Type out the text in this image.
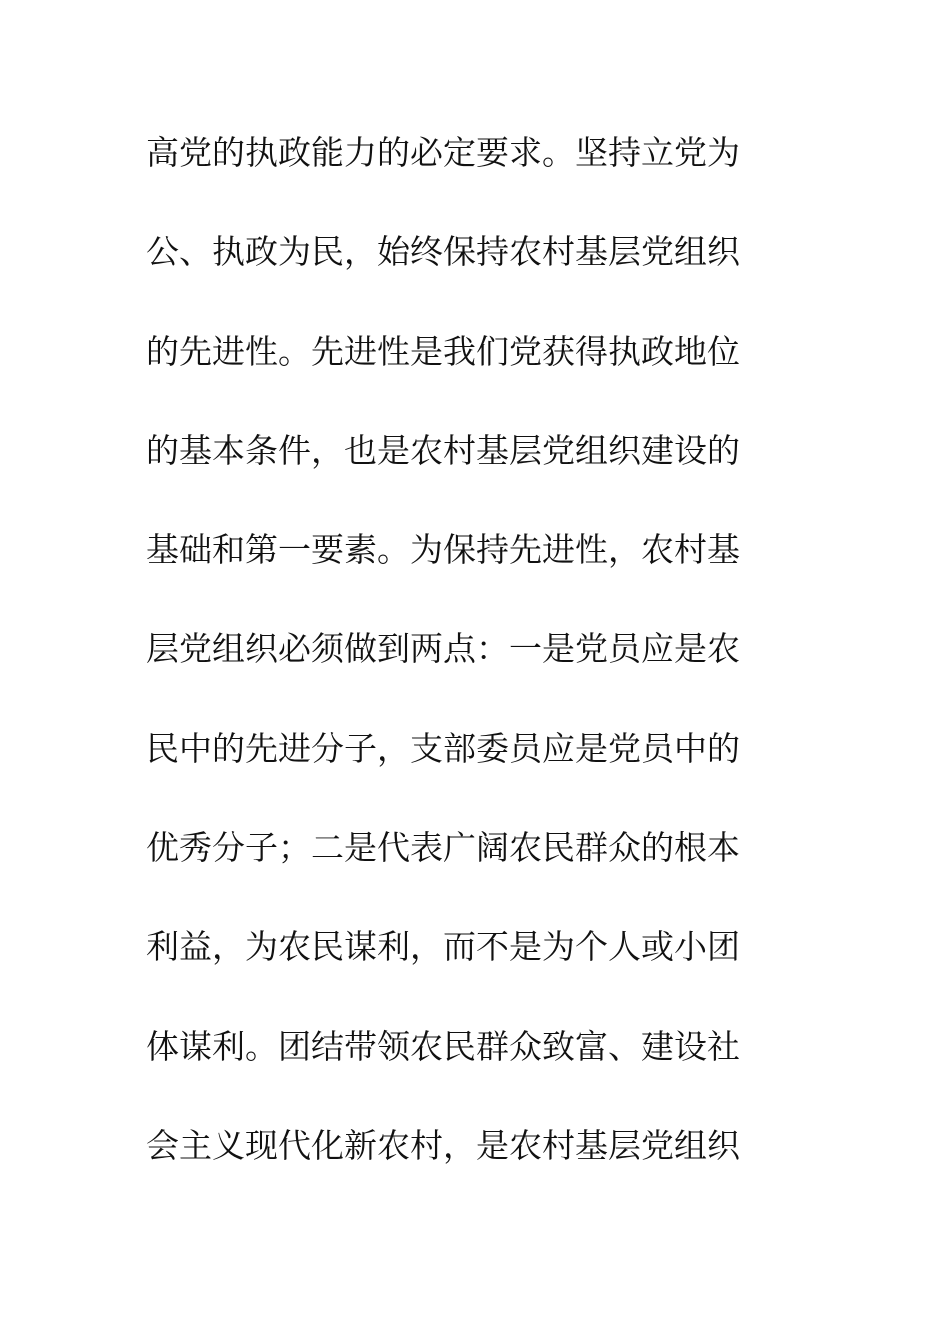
高党的执政能力的必定要求。坚持立党为
公、执政为民，始终保持农村基层党组织
的先进性。先进性是我们党获得执政地位
的基本条件，也是农村基层党组织建设的
基础和第一要素。为保持先进性，农村基
层党组织必须做到两点：一是党员应是农
民中的先进分子，支部委员应是党员中的
优秀分子；二是代表广阔农民群众的根本
利益，为农民谋利，而不是为个人或小团
体谋利。团结带领农民群众致富、建设社
会主义现代化新农村，是农村基层党组织
